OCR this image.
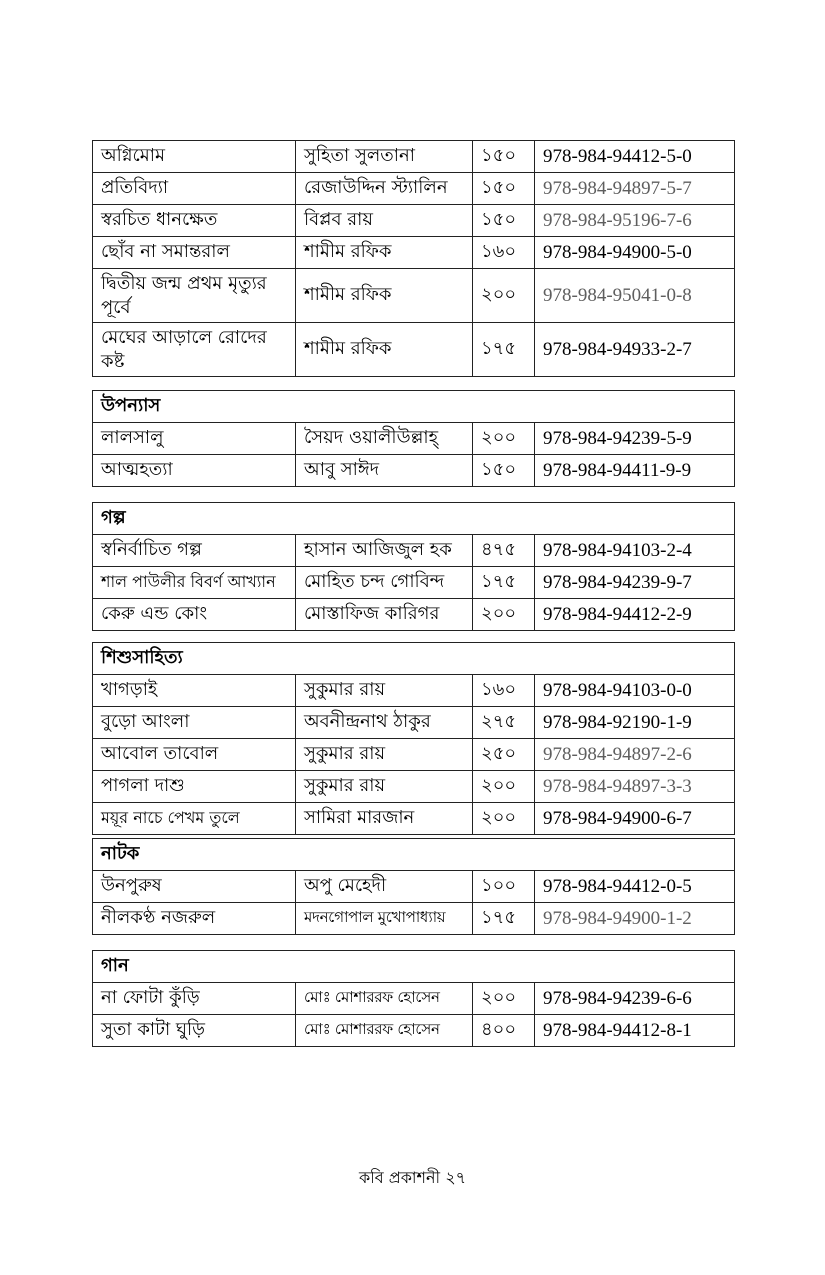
অগ্নিমোম	সুহিতা সুলতানা	১৫০	978-984-94412-5-0
প্রতিবিদ্যা	রেজাউদ্দিন স্ট্যালিন	১৫০	978-984-94897-5-7
স্বরচিত ধানক্ষেত	বিপ্লব রায়	১৫০	978-984-95196-7-6
ছোঁব না সমান্তরাল	শামীম রফিক	১৬০	978-984-94900-5-0
দ্বিতীয় জন্ম প্রথম মৃত্যুর পূর্বে	শামীম রফিক	২০০	978-984-95041-0-8
মেঘের আড়ালে রোদের কষ্ট	শামীম রফিক	১৭৫	978-984-94933-2-7
উপন্যাস			
লালসালু	সৈয়দ ওয়ালীউল্লাহ্	২০০	978-984-94239-5-9
আত্মহত্যা	আবু সাঈদ	১৫০	978-984-94411-9-9
গল্প			
স্বনির্বাচিত গল্প	হাসান আজিজুল হক	৪৭৫	978-984-94103-2-4
শাল পাউলীর বিবর্ণ আখ্যান	মোহিত চন্দ গোবিন্দ	১৭৫	978-984-94239-9-7
কেরু এন্ড কোং	মোস্তাফিজ কারিগর	২০০	978-984-94412-2-9
শিশুসাহিত্য			
খাগড়াই	সুকুমার রায়	১৬০	978-984-94103-0-0
বুড়ো আংলা	অবনীন্দ্রনাথ ঠাকুর	২৭৫	978-984-92190-1-9
আবোল তাবোল	সুকুমার রায়	২৫০	978-984-94897-2-6
পাগলা দাশু	সুকুমার রায়	২০০	978-984-94897-3-3
ময়ূর নাচে পেখম তুলে	সামিরা মারজান	২০০	978-984-94900-6-7
নাটক			
উনপুরুষ	অপু মেহেদী	১০০	978-984-94412-0-5
নীলকণ্ঠ নজরুল	মদনগোপাল মুখোপাধ্যায়	১৭৫	978-984-94900-1-2
গান			
না ফোটা কুঁড়ি	মোঃ মোশাররফ হোসেন	২০০	978-984-94239-6-6
সুতা কাটা ঘুড়ি	মোঃ মোশাররফ হোসেন	৪০০	978-984-94412-8-1
কবি প্রকাশনী ২৭
